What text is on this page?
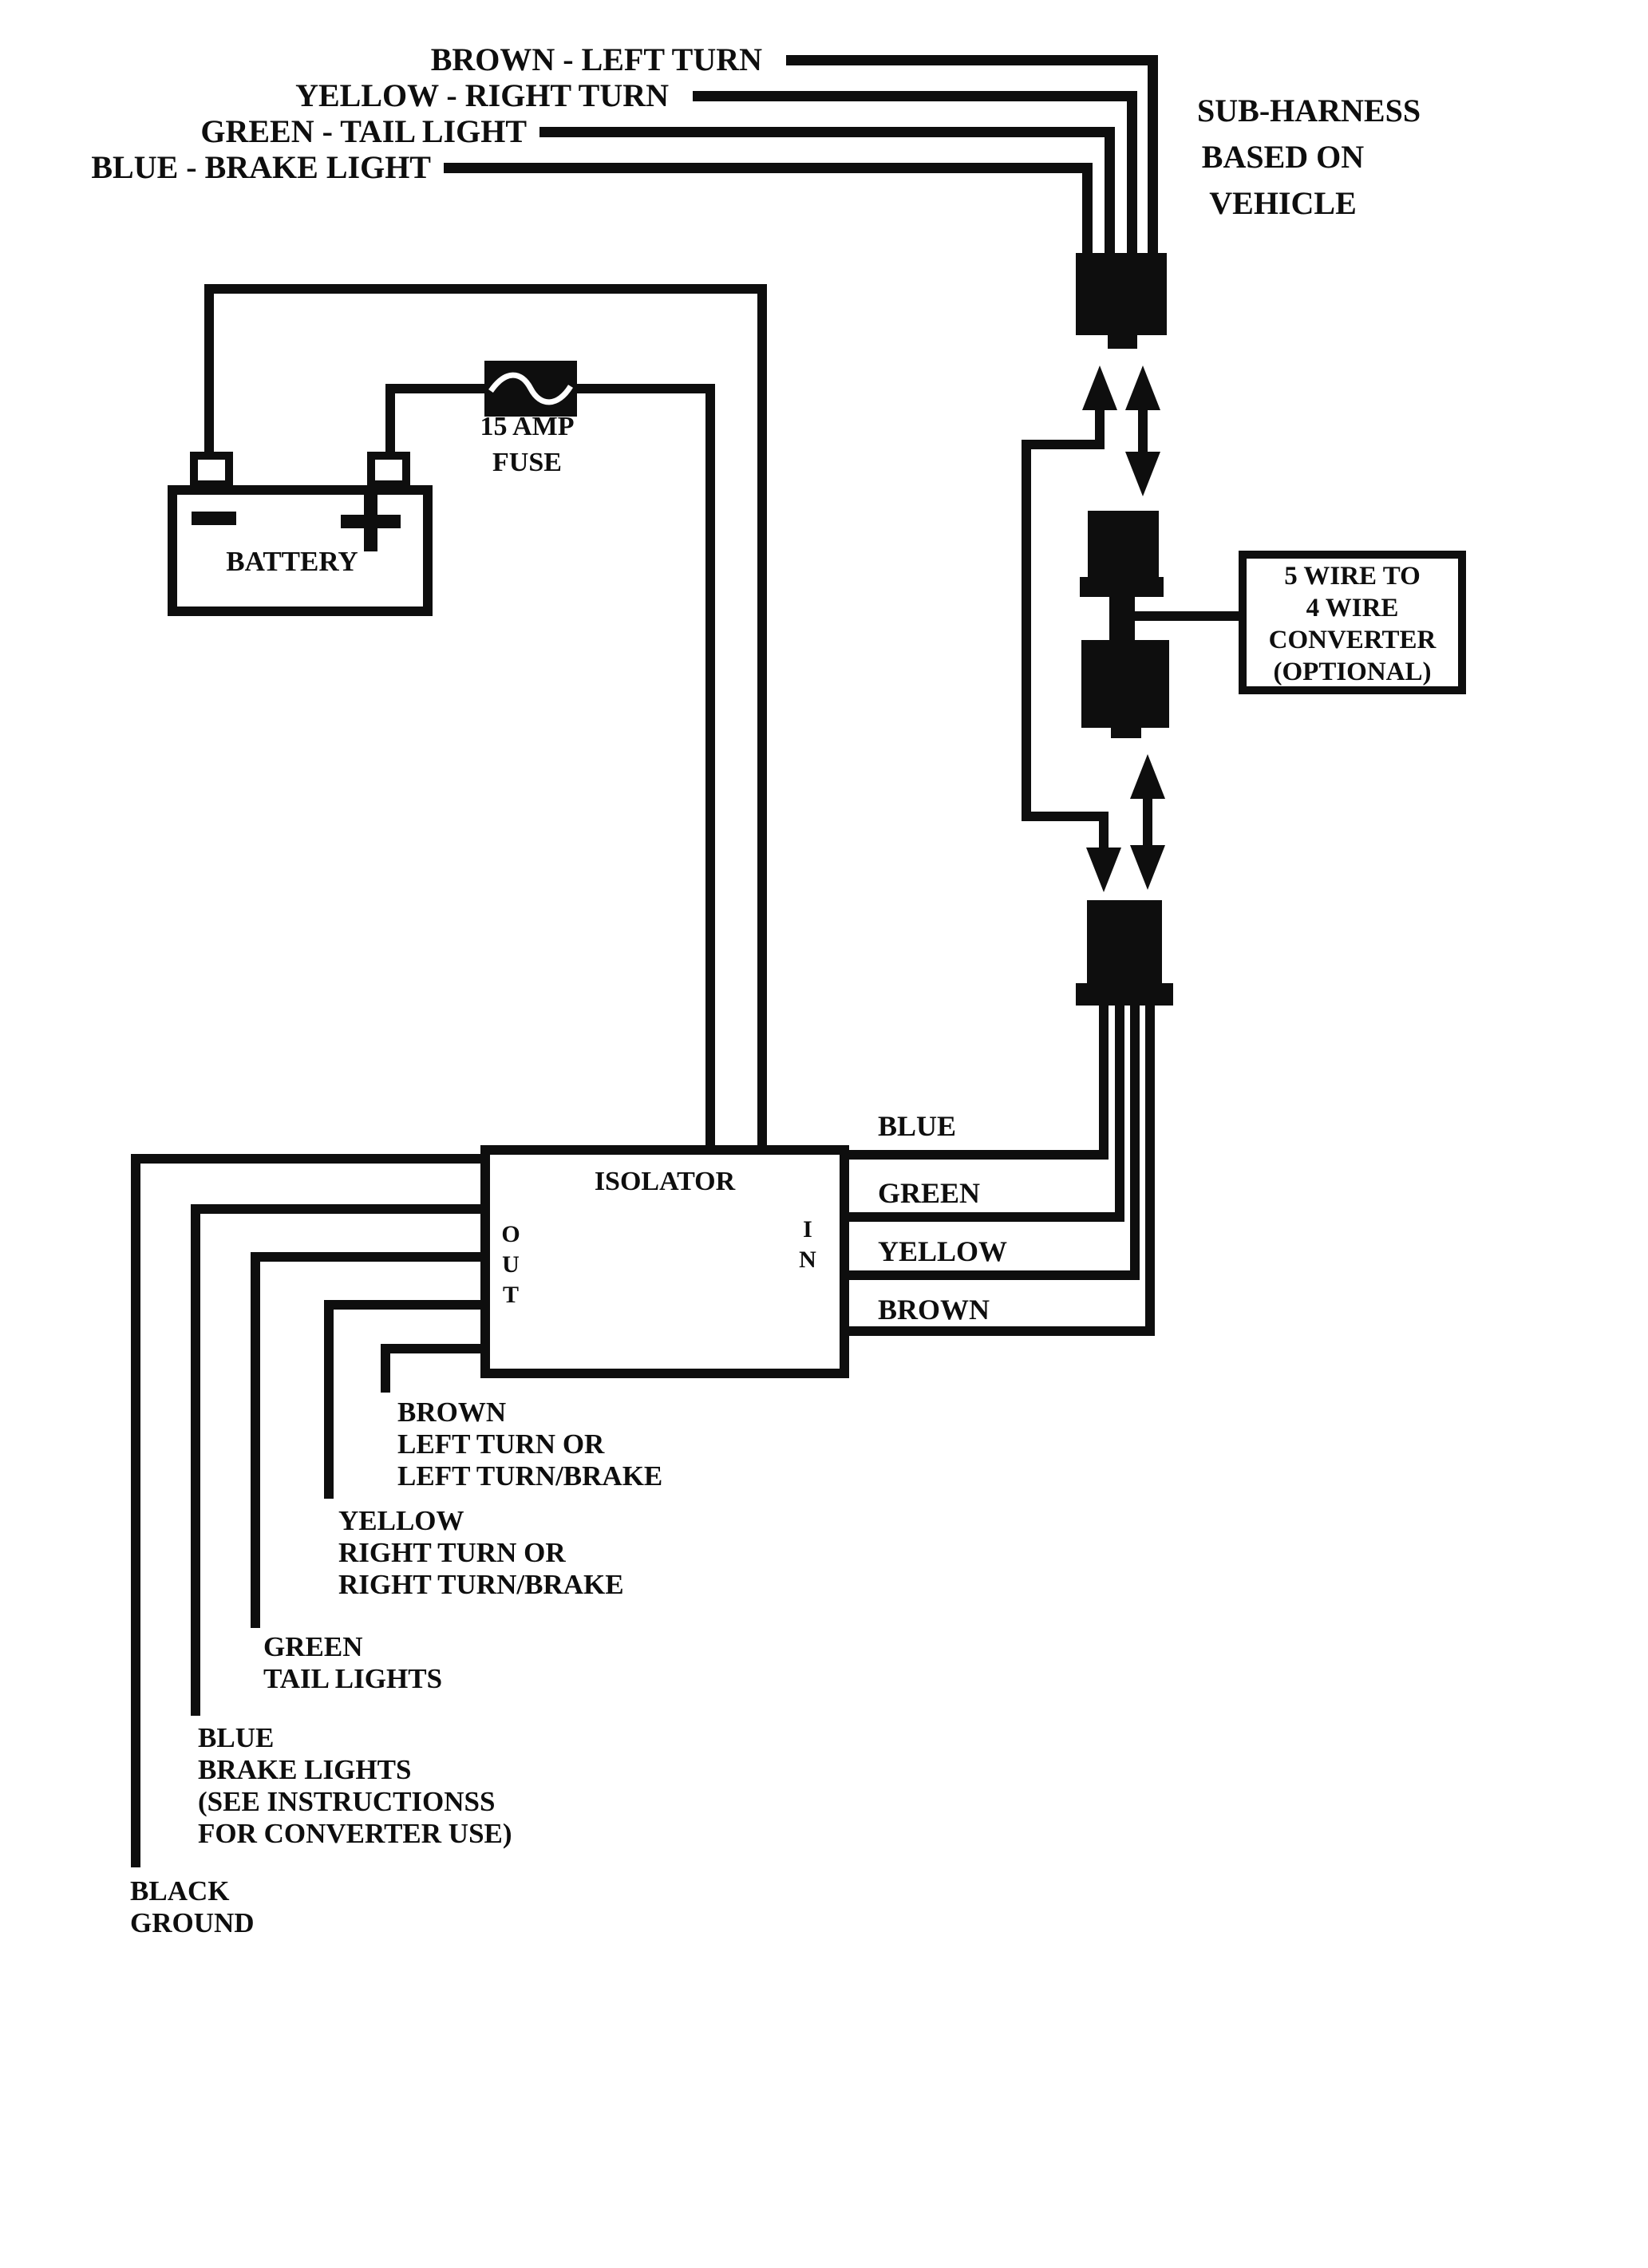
BROWN - LEFT TURN
YELLOW - RIGHT TURN
GREEN - TAIL LIGHT
BLUE - BRAKE LIGHT
SUB-HARNESS
BASED ON
VEHICLE
5 WIRE TO
4 WIRE
CONVERTER
(OPTIONAL)
BLUE
GREEN
YELLOW
BROWN
15 AMP
FUSE
BATTERY
ISOLATOR
O
U
T
I
N
BROWN
LEFT TURN OR
LEFT TURN/BRAKE
YELLOW
RIGHT TURN OR
RIGHT TURN/BRAKE
GREEN
TAIL LIGHTS
BLUE
BRAKE LIGHTS
(SEE INSTRUCTIONSS
FOR CONVERTER USE)
BLACK
GROUND
